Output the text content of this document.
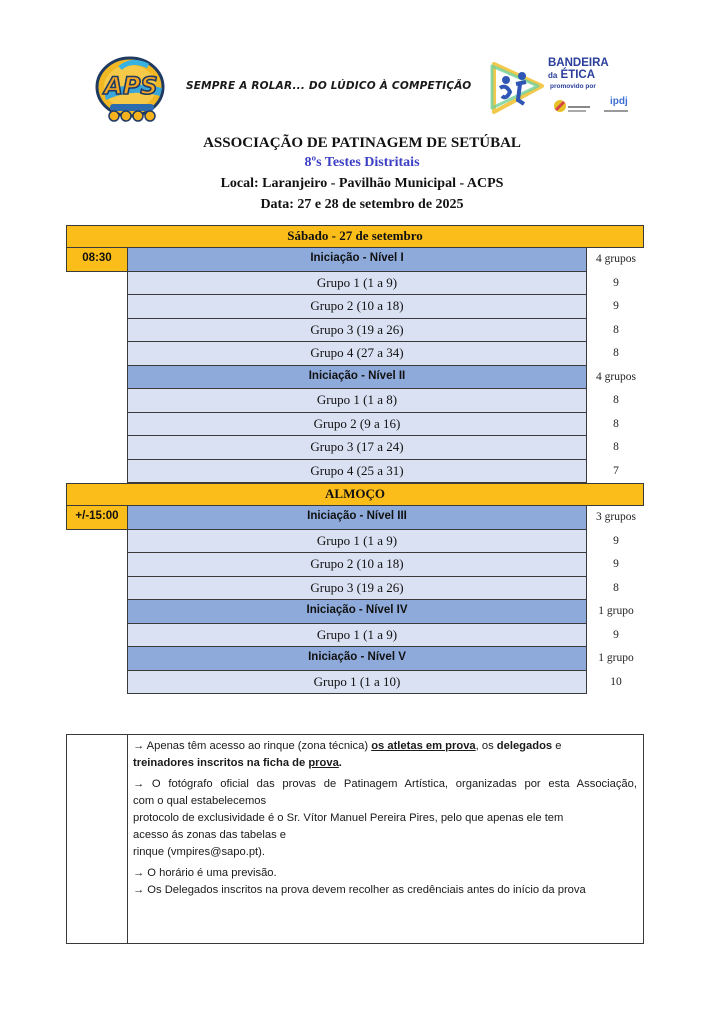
APS	SEMPRE A ROLAR... DO LÚDICO À COMPETIÇÃO
BANDEIRA
da ÉTICA
promovido por
ipdj
ASSOCIAÇÃO DE PATINAGEM DE SETÚBAL
8ºs Testes Distritais
Local: Laranjeiro - Pavilhão Municipal - ACPS
Data: 27 e 28 de setembro de 2025
Sábado - 27 de setembro
08:30	Iniciação - Nível I	4 grupos
Grupo 1 (1 a 9)	9
Grupo 2 (10 a 18)	9
Grupo 3 (19 a 26)	8
Grupo 4 (27 a 34)	8
Iniciação - Nível II	4 grupos
Grupo 1 (1 a 8)	8
Grupo 2 (9 a 16)	8
Grupo 3 (17 a 24)	8
Grupo 4 (25 a 31)	7
ALMOÇO
+/-15:00	Iniciação - Nível III	3 grupos
Grupo 1 (1 a 9)	9
Grupo 2 (10 a 18)	9
Grupo 3 (19 a 26)	8
Iniciação - Nível IV	1 grupo
Grupo 1 (1 a 9)	9
Iniciação - Nível V	1 grupo
Grupo 1 (1 a 10)	10

→ Apenas têm acesso ao rinque (zona técnica) os atletas em prova, os delegados e
treinadores inscritos na ficha de prova.

→ O fotógrafo oficial das provas de Patinagem Artística, organizadas por esta Associação,
com o qual estabelecemos
protocolo de exclusividade é o Sr. Vítor Manuel Pereira Pires, pelo que apenas ele tem
acesso ás zonas das tabelas e
rinque (vmpires@sapo.pt).

→ O horário é uma previsão.

→ Os Delegados inscritos na prova devem recolher as credênciais antes do início da prova
